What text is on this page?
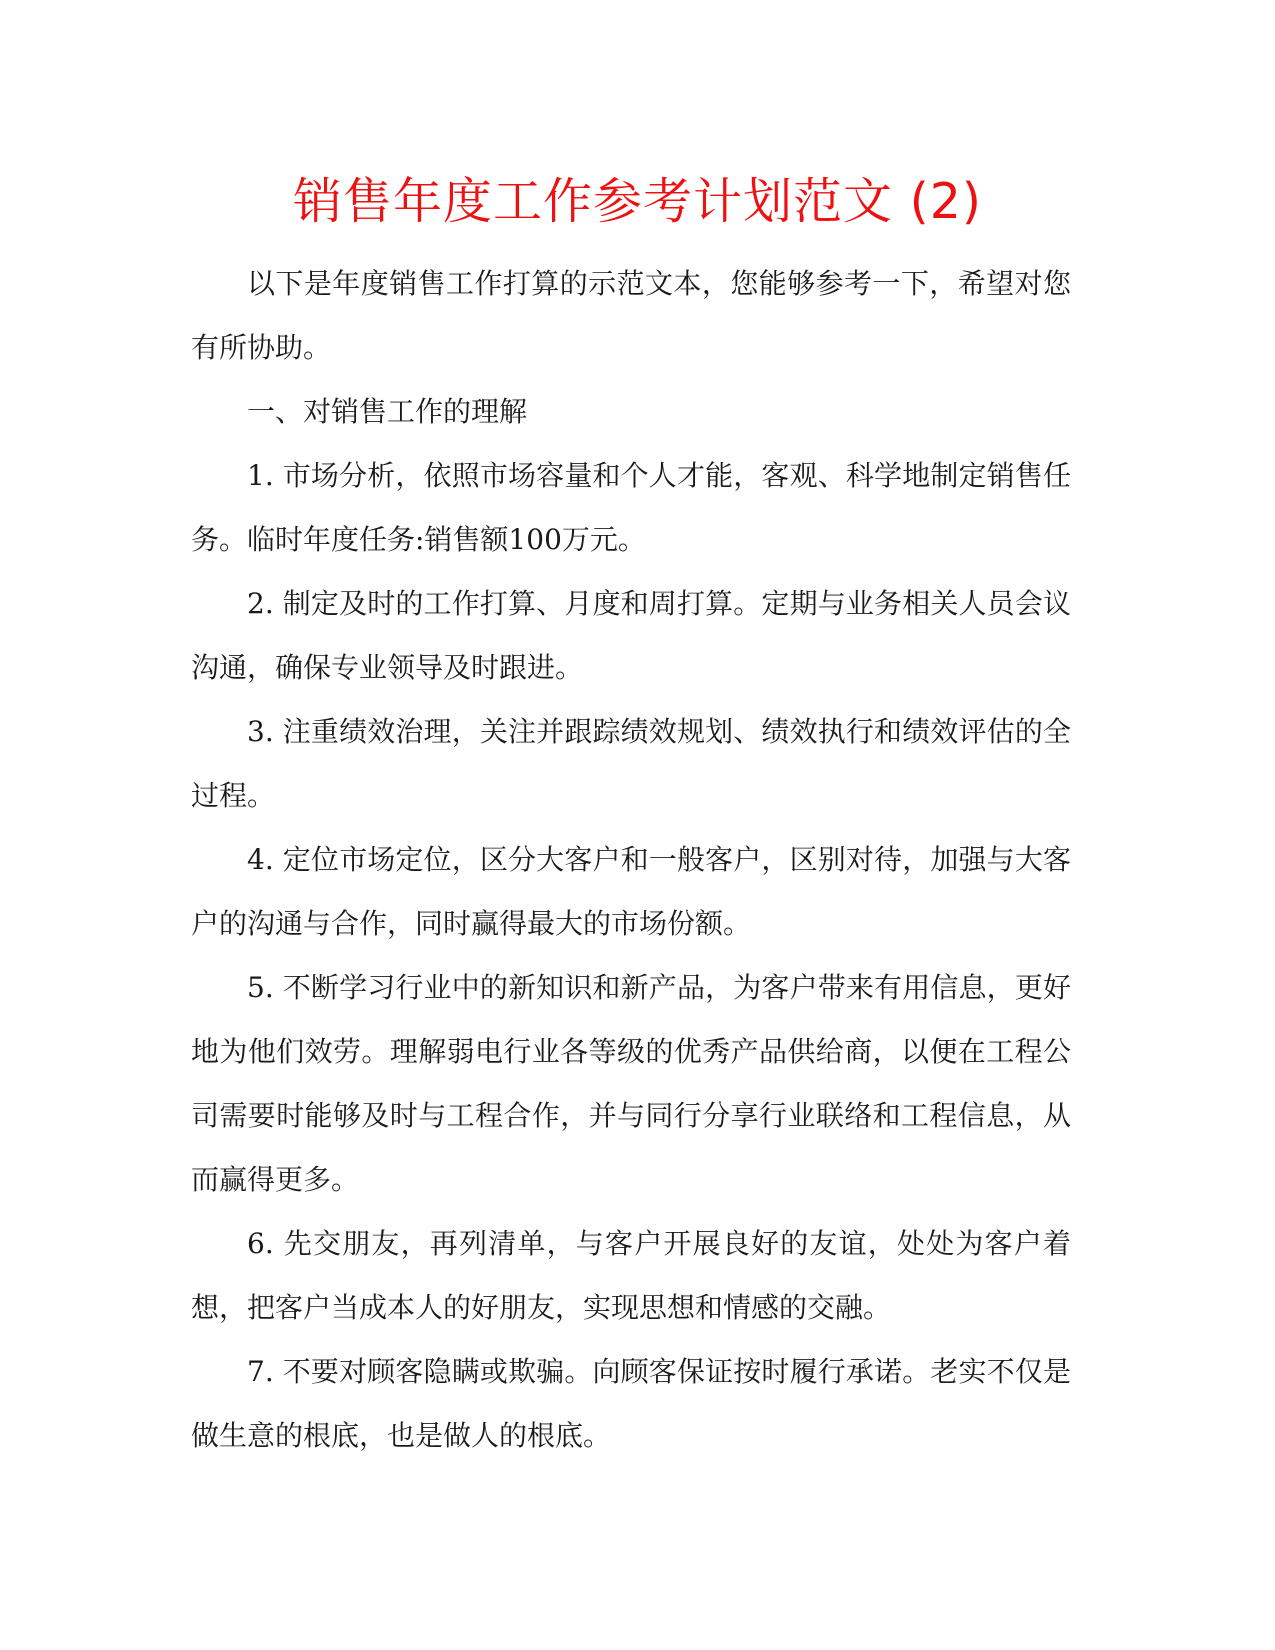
销售年度工作参考计划范文 (2)

以下是年度销售工作打算的示范文本，您能够参考一下，希望对您有所协助。

一、对销售工作的理解

1. 市场分析，依照市场容量和个人才能，客观、科学地制定销售任务。临时年度任务:销售额100万元。

2. 制定及时的工作打算、月度和周打算。定期与业务相关人员会议沟通，确保专业领导及时跟进。

3. 注重绩效治理，关注并跟踪绩效规划、绩效执行和绩效评估的全过程。

4. 定位市场定位，区分大客户和一般客户，区别对待，加强与大客户的沟通与合作，同时赢得最大的市场份额。

5. 不断学习行业中的新知识和新产品，为客户带来有用信息，更好地为他们效劳。理解弱电行业各等级的优秀产品供给商，以便在工程公司需要时能够及时与工程合作，并与同行分享行业联络和工程信息，从而赢得更多。

6. 先交朋友，再列清单，与客户开展良好的友谊，处处为客户着想，把客户当成本人的好朋友，实现思想和情感的交融。

7. 不要对顾客隐瞒或欺骗。向顾客保证按时履行承诺。老实不仅是做生意的根底，也是做人的根底。
